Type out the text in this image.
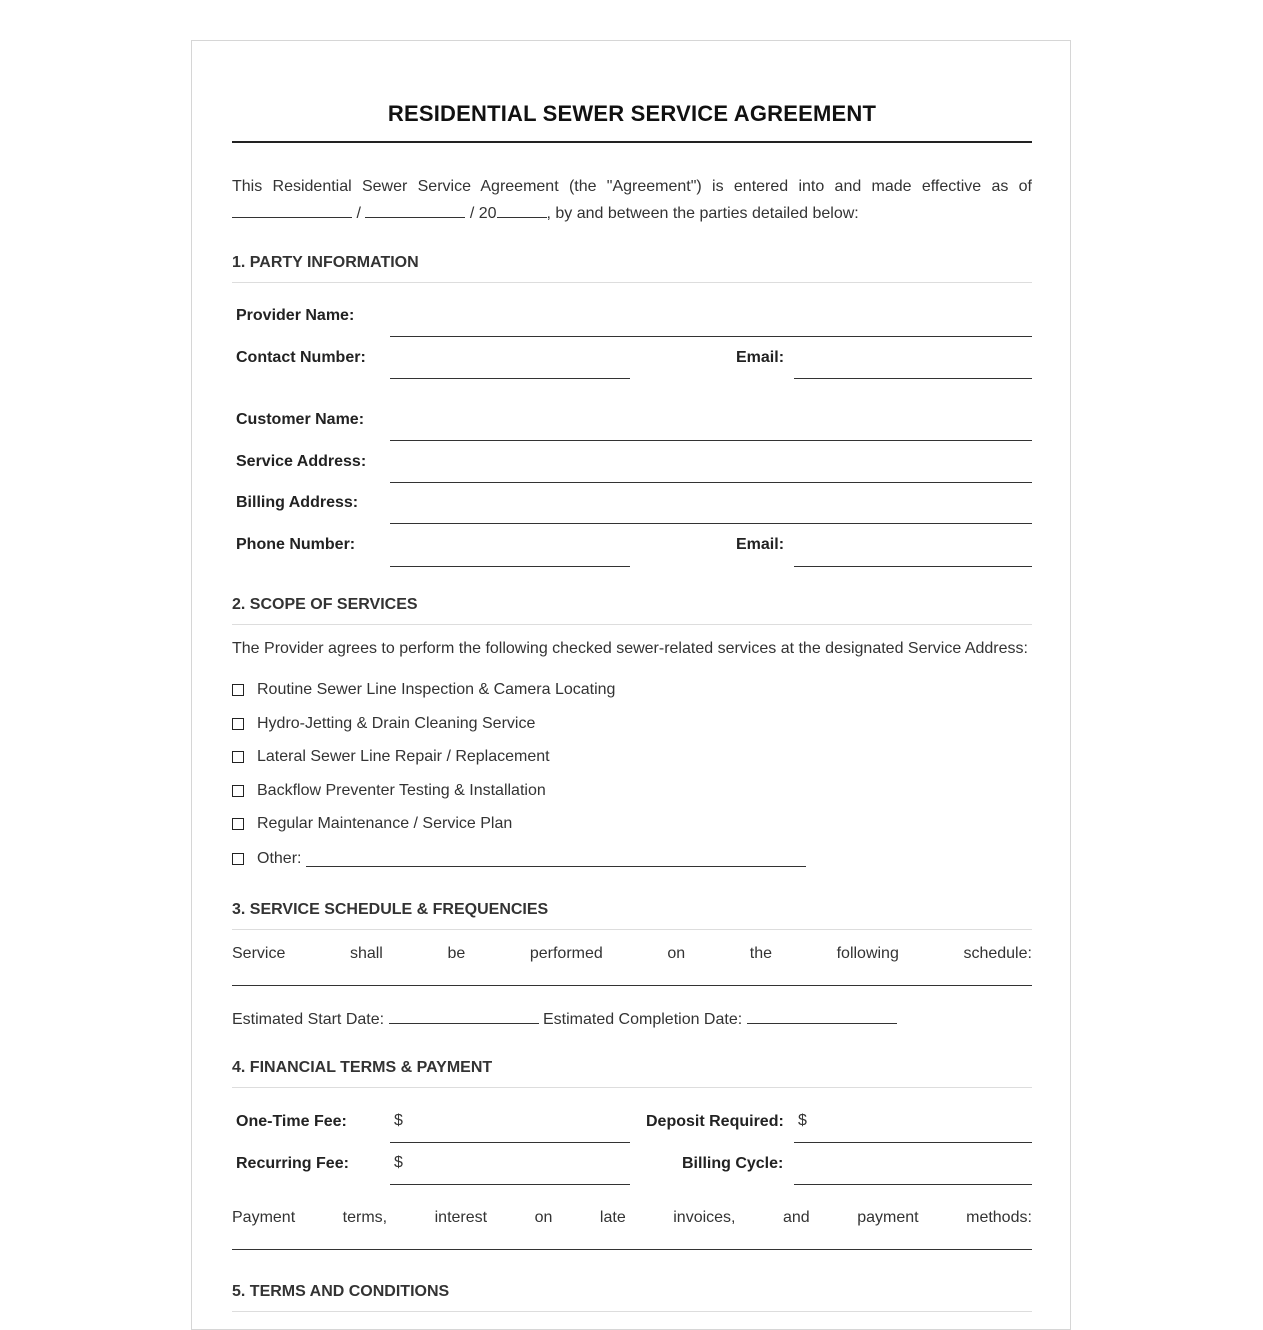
RESIDENTIAL SEWER SERVICE AGREEMENT
This Residential Sewer Service Agreement (the "Agreement") is entered into and made effective as of  /	/ 20	, by and between the parties detailed below:
1. PARTY INFORMATION
Provider Name:
Contact Number:	Email:
Customer Name:
Service Address:
Billing Address:
Phone Number:	Email:
2. SCOPE OF SERVICES
The Provider agrees to perform the following checked sewer-related services at the designated Service Address:
Routine Sewer Line Inspection & Camera Locating
Hydro-Jetting & Drain Cleaning Service
Lateral Sewer Line Repair / Replacement
Backflow Preventer Testing & Installation
Regular Maintenance / Service Plan
Other:
3. SERVICE SCHEDULE & FREQUENCIES
Service	shall	be	performed	on	the	following	schedule:
Estimated Start Date:	Estimated Completion Date:
4. FINANCIAL TERMS & PAYMENT
One-Time Fee:	$	Deposit Required: $
Recurring Fee:	$	Billing Cycle:
Payment	terms,	interest	on	late	invoices,	and	payment	methods:
5. TERMS AND CONDITIONS
